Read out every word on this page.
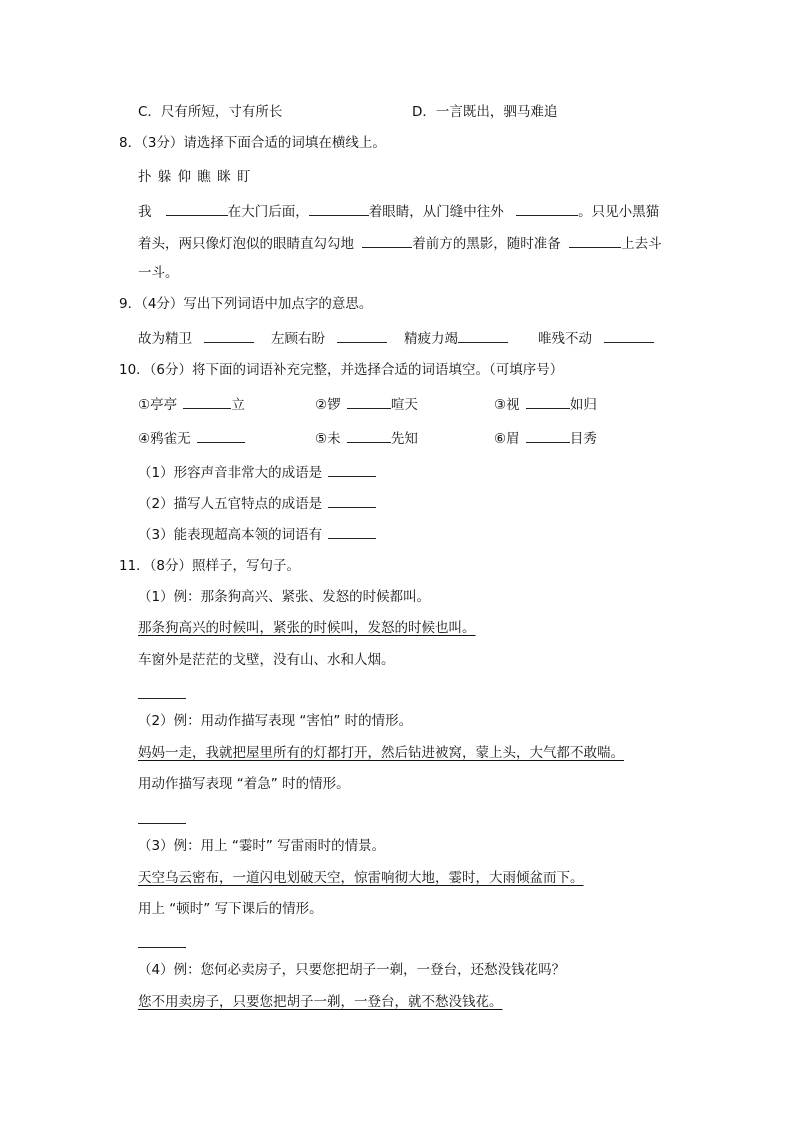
C．尺有所短，寸有所长	D．一言既出，驷马难追
8．（3分）请选择下面合适的词填在横线上。
扑 躲 仰 瞧 眯 盯
我	在大门后面，	着眼睛，从门缝中往外	。只见小黑猫
着头，两只像灯泡似的眼睛直勾勾地	着前方的黑影，随时准备	上去斗
一斗。
9．（4分）写出下列词语中加点字的意思。
故为精卫	左顾右盼	精疲力竭	唯残不动
10．（6分）将下面的词语补充完整，并选择合适的词语填空。（可填序号）
①亭亭	立	②锣	喧天	③视	如归
④鸦雀无	⑤未	先知	⑥眉	目秀
（1）形容声音非常大的成语是
（2）描写人五官特点的成语是
（3）能表现超高本领的词语有
11．（8分）照样子，写句子。
（1）例：那条狗高兴、紧张、发怒的时候都叫。
那条狗高兴的时候叫，紧张的时候叫，发怒的时候也叫。
车窗外是茫茫的戈壁，没有山、水和人烟。
（2）例：用动作描写表现 “害怕” 时的情形。
妈妈一走，我就把屋里所有的灯都打开，然后钻进被窝，蒙上头，大气都不敢喘。
用动作描写表现 “着急” 时的情形。
（3）例：用上 “霎时” 写雷雨时的情景。
天空乌云密布，一道闪电划破天空，惊雷响彻大地，霎时，大雨倾盆而下。
用上 “顿时” 写下课后的情形。
（4）例：您何必卖房子，只要您把胡子一剃，一登台，还愁没钱花吗？
您不用卖房子，只要您把胡子一剃，一登台，就不愁没钱花。
